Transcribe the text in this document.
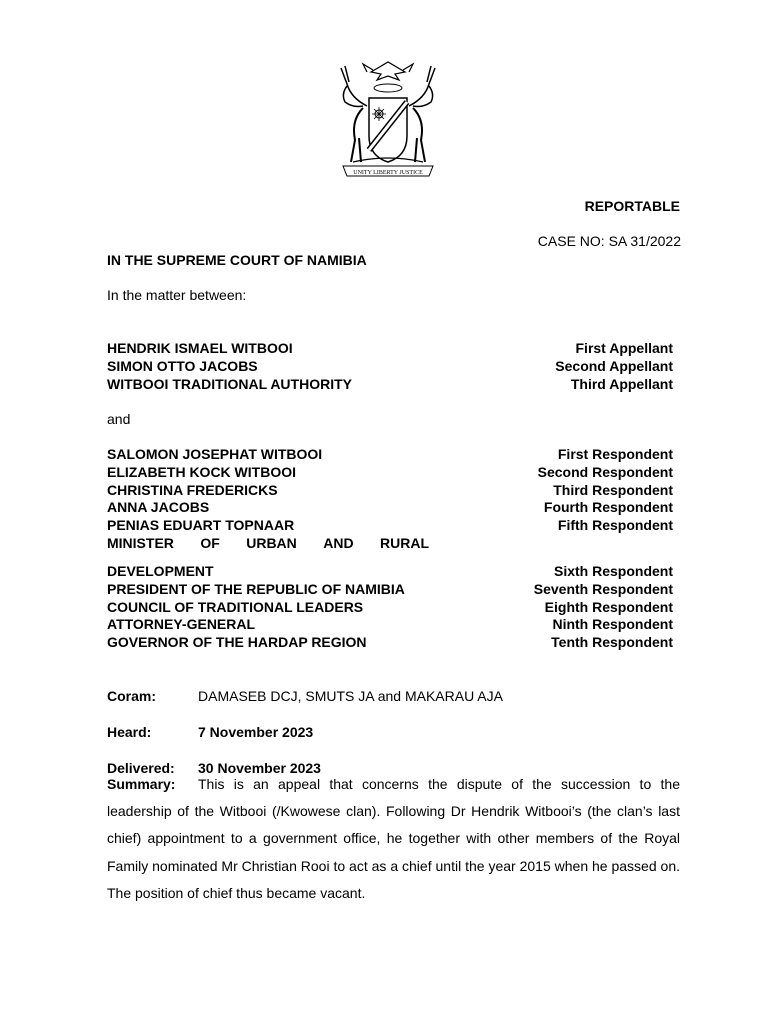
UNITY LIBERTY JUSTICE
REPORTABLE
CASE NO: SA 31/2022
IN THE SUPREME COURT OF NAMIBIA
In the matter between:
HENDRIK ISMAEL WITBOOI	First Appellant
SIMON OTTO JACOBS	Second Appellant
WITBOOI TRADITIONAL AUTHORITY	Third Appellant
and
SALOMON JOSEPHAT WITBOOI	First Respondent
ELIZABETH KOCK WITBOOI	Second Respondent
CHRISTINA FREDERICKS	Third Respondent
ANNA JACOBS	Fourth Respondent
PENIAS EDUART TOPNAAR	Fifth Respondent
MINISTER OF URBAN AND RURAL
DEVELOPMENT	Sixth Respondent
PRESIDENT OF THE REPUBLIC OF NAMIBIA	Seventh Respondent
COUNCIL OF TRADITIONAL LEADERS	Eighth Respondent
ATTORNEY-GENERAL	Ninth Respondent
GOVERNOR OF THE HARDAP REGION	Tenth Respondent
Coram:	DAMASEB DCJ, SMUTS JA and MAKARAU AJA
Heard:	7 November 2023
Delivered: 30 November 2023
Summary: This is an appeal that concerns the dispute of the succession to the leadership of the Witbooi (/Kwowese clan). Following Dr Hendrik Witbooi’s (the clan’s last chief) appointment to a government office, he together with other members of the Royal Family nominated Mr Christian Rooi to act as a chief until the year 2015 when he passed on. The position of chief thus became vacant.
